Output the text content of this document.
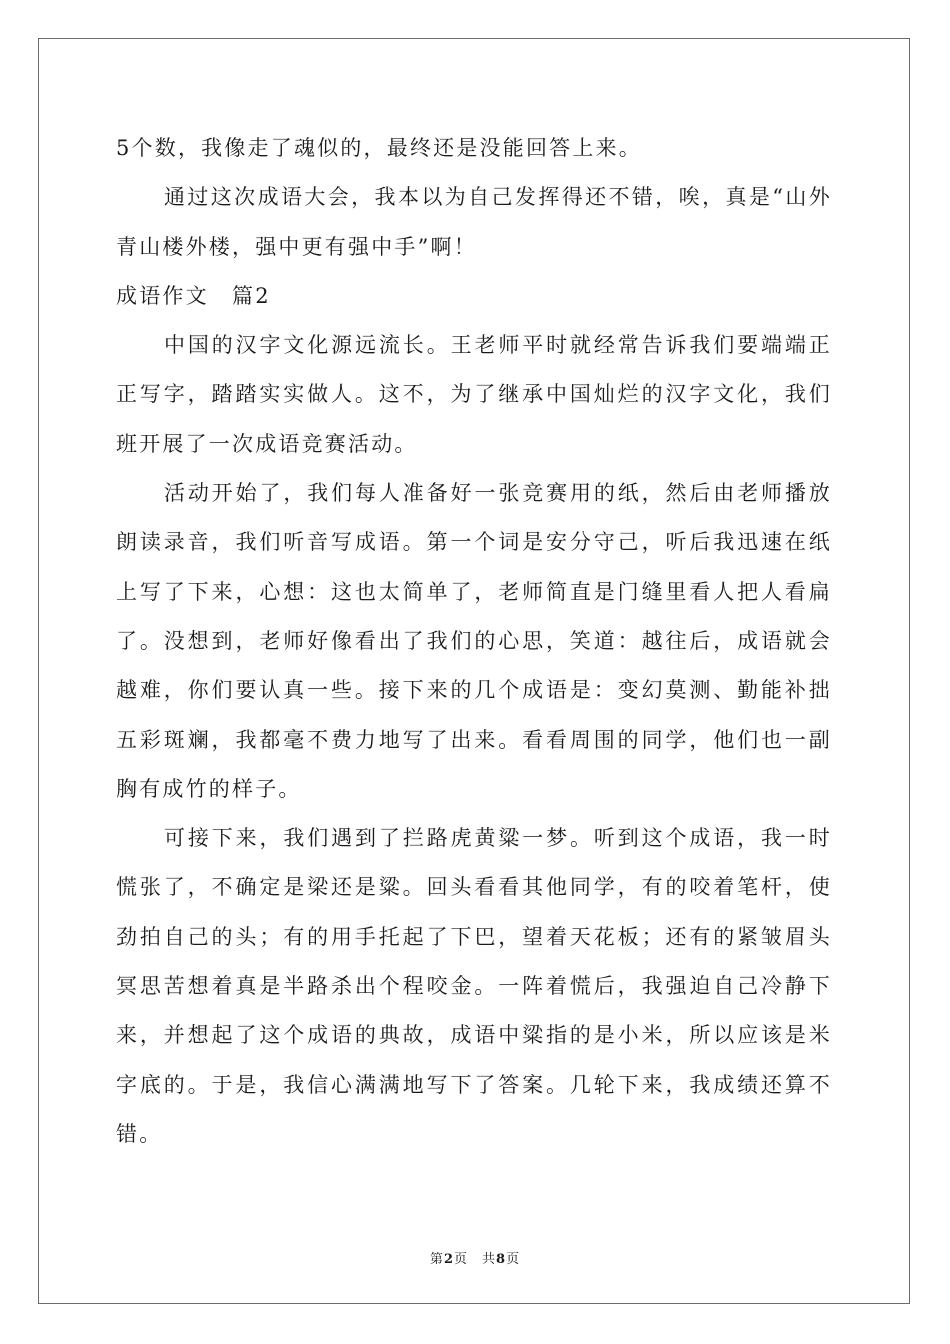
5个数，我像走了魂似的，最终还是没能回答上来。

通过这次成语大会，我本以为自己发挥得还不错，唉，真是“山外青山楼外楼，强中更有强中手”啊！

成语作文　篇2

中国的汉字文化源远流长。王老师平时就经常告诉我们要端端正正写字，踏踏实实做人。这不，为了继承中国灿烂的汉字文化，我们班开展了一次成语竞赛活动。

活动开始了，我们每人准备好一张竞赛用的纸，然后由老师播放朗读录音，我们听音写成语。第一个词是安分守己，听后我迅速在纸上写了下来，心想：这也太简单了，老师简直是门缝里看人把人看扁了。没想到，老师好像看出了我们的心思，笑道：越往后，成语就会越难，你们要认真一些。接下来的几个成语是：变幻莫测、勤能补拙五彩斑斓，我都毫不费力地写了出来。看看周围的同学，他们也一副胸有成竹的样子。

可接下来，我们遇到了拦路虎黄粱一梦。听到这个成语，我一时慌张了，不确定是梁还是粱。回头看看其他同学，有的咬着笔杆，使劲拍自己的头；有的用手托起了下巴，望着天花板；还有的紧皱眉头冥思苦想着真是半路杀出个程咬金。一阵着慌后，我强迫自己冷静下来，并想起了这个成语的典故，成语中粱指的是小米，所以应该是米字底的。于是，我信心满满地写下了答案。几轮下来，我成绩还算不错。

第2页 共8页
